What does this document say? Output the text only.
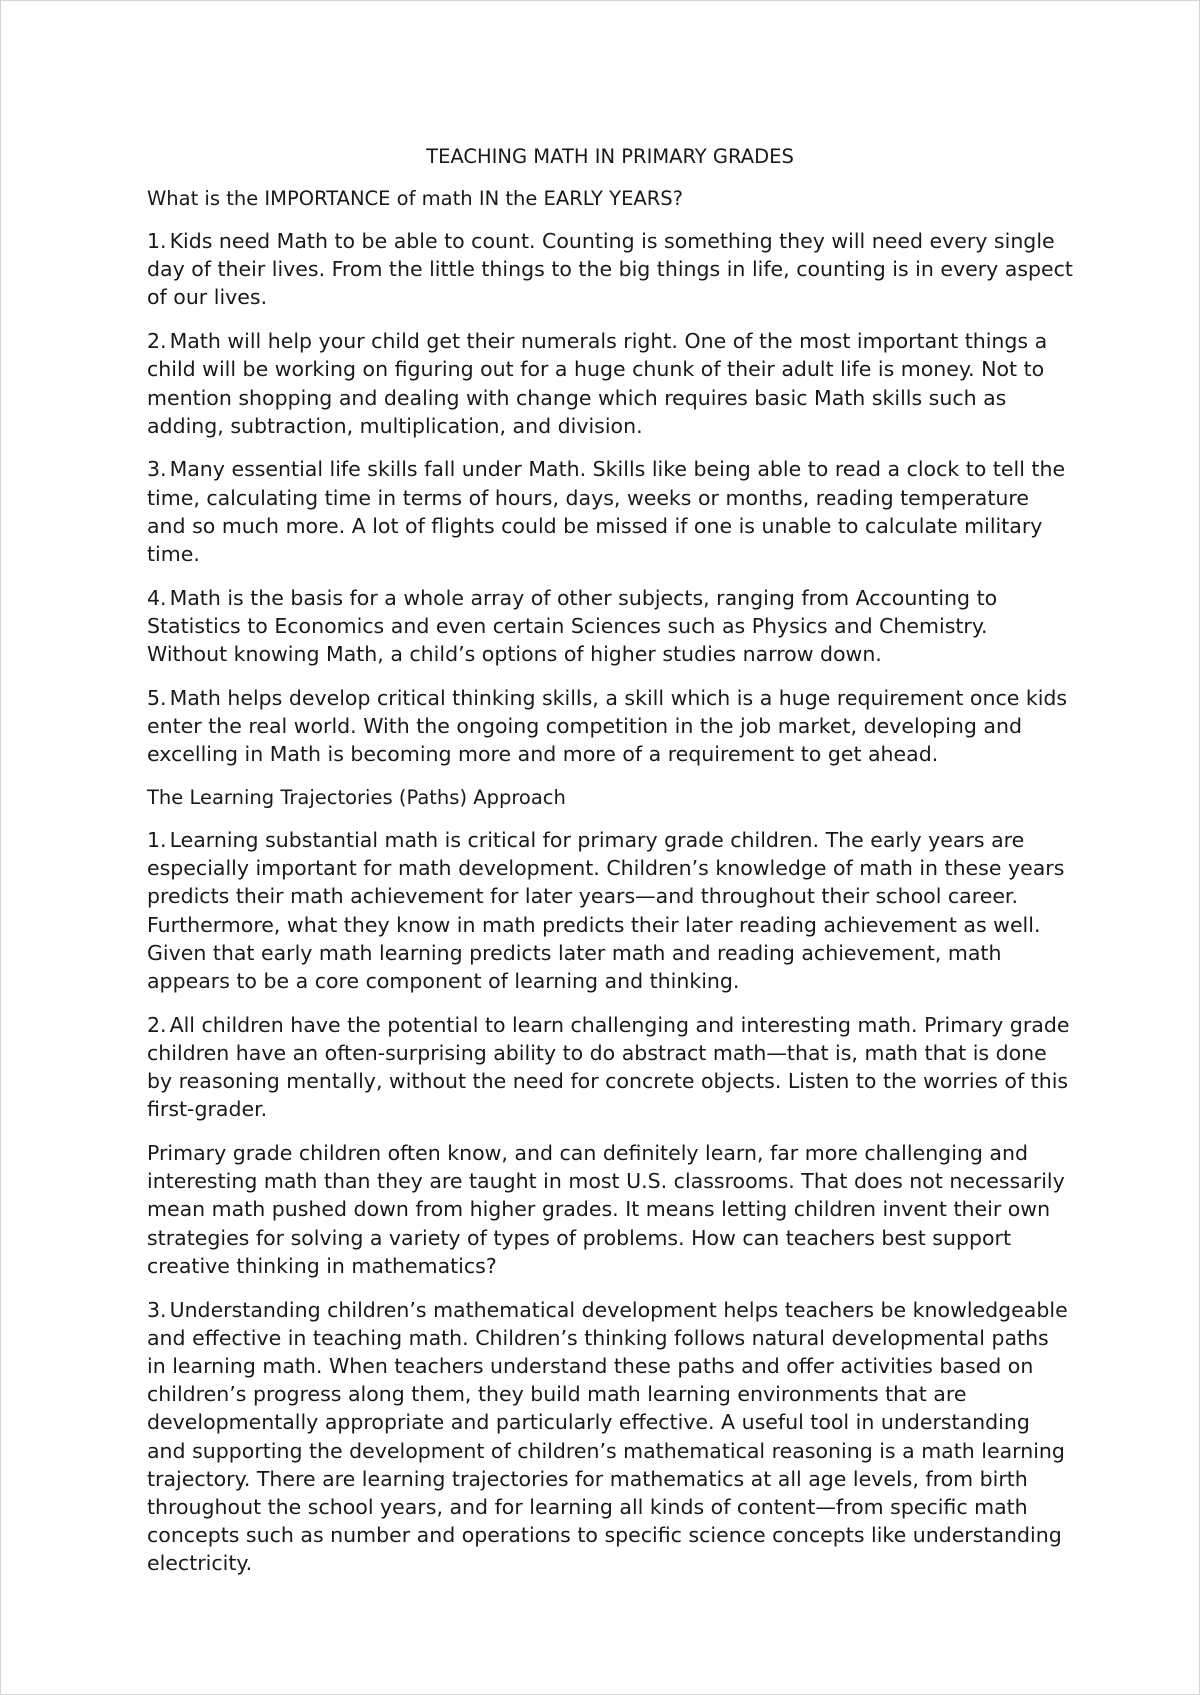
TEACHING MATH IN PRIMARY GRADES
What is the IMPORTANCE of math IN the EARLY YEARS?

1. Kids need Math to be able to count. Counting is something they will need every single day of their lives. From the little things to the big things in life, counting is in every aspect of our lives.

2. Math will help your child get their numerals right. One of the most important things a child will be working on figuring out for a huge chunk of their adult life is money. Not to mention shopping and dealing with change which requires basic Math skills such as adding, subtraction, multiplication, and division.

3. Many essential life skills fall under Math. Skills like being able to read a clock to tell the time, calculating time in terms of hours, days, weeks or months, reading temperature and so much more. A lot of flights could be missed if one is unable to calculate military time.

4. Math is the basis for a whole array of other subjects, ranging from Accounting to Statistics to Economics and even certain Sciences such as Physics and Chemistry. Without knowing Math, a child’s options of higher studies narrow down.

5. Math helps develop critical thinking skills, a skill which is a huge requirement once kids enter the real world. With the ongoing competition in the job market, developing and excelling in Math is becoming more and more of a requirement to get ahead.

The Learning Trajectories (Paths) Approach

1. Learning substantial math is critical for primary grade children. The early years are especially important for math development. Children’s knowledge of math in these years predicts their math achievement for later years—and throughout their school career. Furthermore, what they know in math predicts their later reading achievement as well. Given that early math learning predicts later math and reading achievement, math appears to be a core component of learning and thinking.

2. All children have the potential to learn challenging and interesting math. Primary grade children have an often-surprising ability to do abstract math—that is, math that is done by reasoning mentally, without the need for concrete objects. Listen to the worries of this first-grader.

Primary grade children often know, and can definitely learn, far more challenging and interesting math than they are taught in most U.S. classrooms. That does not necessarily mean math pushed down from higher grades. It means letting children invent their own strategies for solving a variety of types of problems. How can teachers best support creative thinking in mathematics?

3. Understanding children’s mathematical development helps teachers be knowledgeable and effective in teaching math. Children’s thinking follows natural developmental paths in learning math. When teachers understand these paths and offer activities based on children’s progress along them, they build math learning environments that are developmentally appropriate and particularly effective. A useful tool in understanding and supporting the development of children’s mathematical reasoning is a math learning trajectory. There are learning trajectories for mathematics at all age levels, from birth throughout the school years, and for learning all kinds of content—from specific math concepts such as number and operations to specific science concepts like understanding electricity.
